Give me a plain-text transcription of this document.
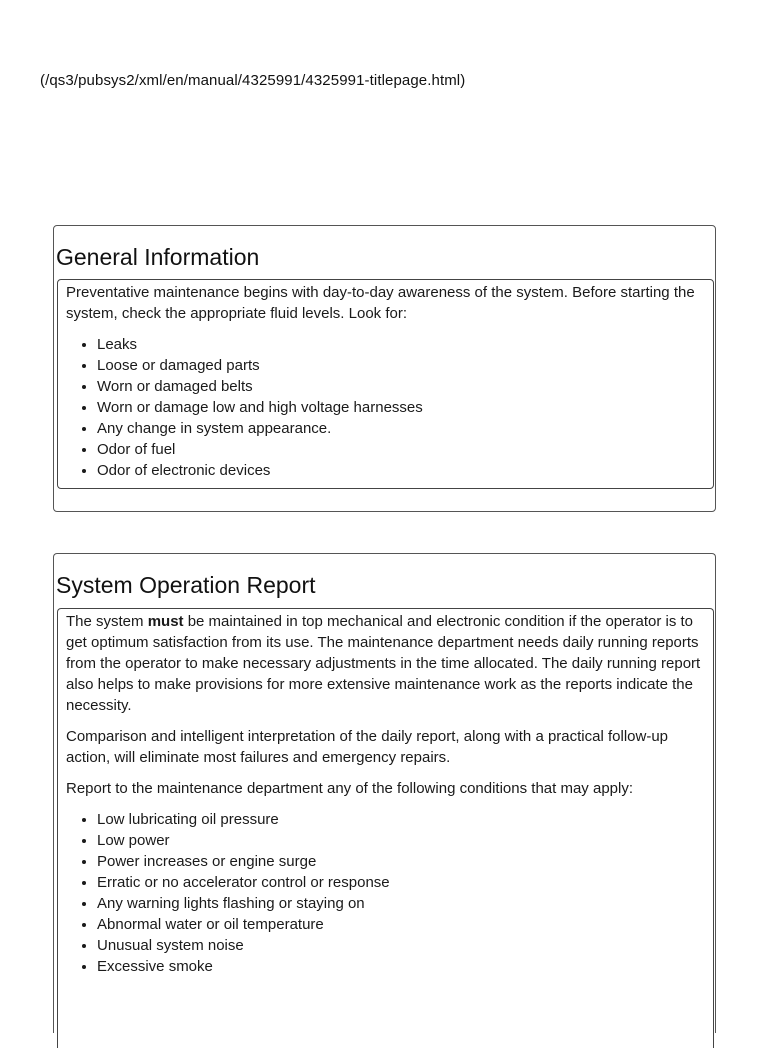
(/qs3/pubsys2/xml/en/manual/4325991/4325991-titlepage.html)
General Information

Preventative maintenance begins with day-to-day awareness of the system. Before starting the system, check the appropriate fluid levels. Look for:

• Leaks
• Loose or damaged parts
• Worn or damaged belts
• Worn or damage low and high voltage harnesses
• Any change in system appearance.
• Odor of fuel
• Odor of electronic devices
System Operation Report

The system must be maintained in top mechanical and electronic condition if the operator is to get optimum satisfaction from its use. The maintenance department needs daily running reports from the operator to make necessary adjustments in the time allocated. The daily running report also helps to make provisions for more extensive maintenance work as the reports indicate the necessity.

Comparison and intelligent interpretation of the daily report, along with a practical follow-up action, will eliminate most failures and emergency repairs.

Report to the maintenance department any of the following conditions that may apply:

• Low lubricating oil pressure
• Low power
• Power increases or engine surge
• Erratic or no accelerator control or response
• Any warning lights flashing or staying on
• Abnormal water or oil temperature
• Unusual system noise
• Excessive smoke
